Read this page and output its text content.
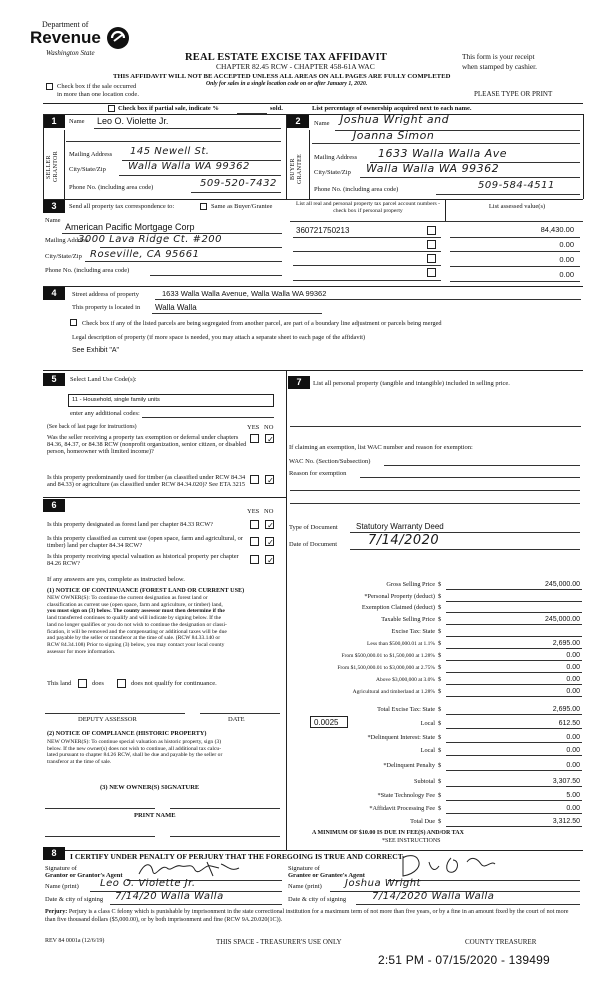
Department of
Revenue
Washington State	REAL ESTATE EXCISE TAX AFFIDAVIT
CHAPTER 82.45 RCW - CHAPTER 458-61A WAC
This form is your receipt
when stamped by cashier.
THIS AFFIDAVIT WILL NOT BE ACCEPTED UNLESS ALL AREAS ON ALL PAGES ARE FULLY COMPLETED
Only for sales in a single location code on or after January 1, 2020.
Check box if the sale occurred
in more than one location code.	PLEASE TYPE OR PRINT
Check box if partial sale, indicate %	sold.	List percentage of ownership acquired next to each name.
1
SELLER GRANTOR
Name Leo O. Violette Jr.
Mailing Address 145 Newell St.
City/State/Zip Walla Walla WA 99362
Phone No. (including area code)	509-520-7432
2
BUYER GRANTEE
Name Joshua Wright and
Joanna Simon
Mailing Address 1633 Walla Walla Ave
City/State/Zip Walla Walla WA 99362
Phone No. (including area code)	509-584-4511
3	Send all property tax correspondence to:	Same as Buyer/Grantee	List all real and personal property tax parcel account numbers - check box if personal property
List assessed value(s)
Name
American Pacific Mortgage Corp
Mailing Address
3000 Lava Ridge Ct. #200
City/State/Zip Roseville, CA 95661
Phone No. (including area code)
360721750213	84,430.00
0.00
0.00
0.00
4	Street address of property	1633 Walla Walla Avenue, Walla Walla WA 99362
This property is located in Walla Walla
Check box if any of the listed parcels are being segregated from another parcel, are part of a boundary line adjustment or parcels being merged
Legal description of property (if more space is needed, you may attach a separate sheet to each page of the affidavit)
See Exhibit "A"
5	Select Land Use Code(s):
11 - Household, single family units
enter any additional codes:
(See back of last page for instructions)	YES NO
Was the seller receiving a property tax exemption or deferral under chapters 84.36, 84.37, or 84.38 RCW (nonprofit organization, senior citizen, or disabled person, homeowner with limited income)?
✓
Is this property predominantly used for timber (as classified under RCW 84.34 and 84.33) or agriculture (as classified under RCW 84.34.020)? See ETA 3215	✓
6
YES NO
Is this property designated as forest land per chapter 84.33 RCW?	✓
Is this property classified as current use (open space, farm and agricultural, or timber) land per chapter 84.34 RCW?	✓
Is this property receiving special valuation as historical property per chapter 84.26 RCW?	✓
If any answers are yes, complete as instructed below.
(1) NOTICE OF CONTINUANCE (FOREST LAND OR CURRENT USE)
NEW OWNER(S): To continue the current designation as forest land or
classification as current use (open space, farm and agriculture, or timber) land,
you must sign on (3) below. The county assessor must then determine if the
land transferred continues to qualify and will indicate by signing below. If the
land no longer qualifies or you do not wish to continue the designation or classi-
fication, it will be removed and the compensating or additional taxes will be due
and payable by the seller or transferor at the time of sale. (RCW 84.33.140 or
RCW 84.34.108) Prior to signing (3) below, you may contact your local county
assessor for more information.
This land	does	does not qualify for continuance.
DEPUTY ASSESSOR	DATE
(2) NOTICE OF COMPLIANCE (HISTORIC PROPERTY)
NEW OWNER(S): To continue special valuation as historic property, sign (3)
below. If the new owner(s) does not wish to continue, all additional tax calcu-
lated pursuant to chapter 84.26 RCW, shall be due and payable by the seller or
transferor at the time of sale.
(3) NEW OWNER(S) SIGNATURE
PRINT NAME
7	List all personal property (tangible and intangible) included in selling price.
If claiming an exemption, list WAC number and reason for exemption:
WAC No. (Section/Subsection)
Reason for exemption
Type of Document Statutory Warranty Deed
Date of Document 7/14/2020
Gross Selling Price $	245,000.00
*Personal Property (deduct) $
Exemption Claimed (deduct) $
Taxable Selling Price $	245,000.00
Excise Tax: State $
Less than $500,000.01 at 1.1% $	2,695.00
From $500,000.01 to $1,500,000 at 1.28% $	0.00
From $1,500,000.01 to $3,000,000 at 2.75% $	0.00
Above $3,000,000 at 3.0% $	0.00
Agricultural and timberland at 1.28% $	0.00
Total Excise Tax: State $	2,695.00
Local $	612.50
*Delinquent Interest: State $	0.00
Local $	0.00
*Delinquent Penalty $	0.00
Subtotal $	3,307.50
*State Technology Fee $	5.00
*Affidavit Processing Fee $	0.00
Total Due $	3,312.50
0.0025
A MINIMUM OF $10.00 IS DUE IN FEE(S) AND/OR TAX
*SEE INSTRUCTIONS
8	I CERTIFY UNDER PENALTY OF PERJURY THAT THE FOREGOING IS TRUE AND CORRECT
Signature of
Grantor or Grantor's Agent
Name (print) Leo O. Violette Jr.
Date & city of signing 7/14/20 Walla Walla
Signature of
Grantee or Grantee's Agent
Name (print) Joshua Wright
Date & city of signing	7/14/2020 Walla Walla
Perjury: Perjury is a class C felony which is punishable by imprisonment in the state correctional institution for a maximum term of not more than five years, or by a fine in an amount fixed by the court of not more than five thousand dollars ($5,000.00), or by both imprisonment and fine (RCW 9A.20.020(1C)).
REV 84 0001a (12/6/19)	THIS SPACE - TREASURER'S USE ONLY	COUNTY TREASURER
2:51 PM - 07/15/2020 - 139499
